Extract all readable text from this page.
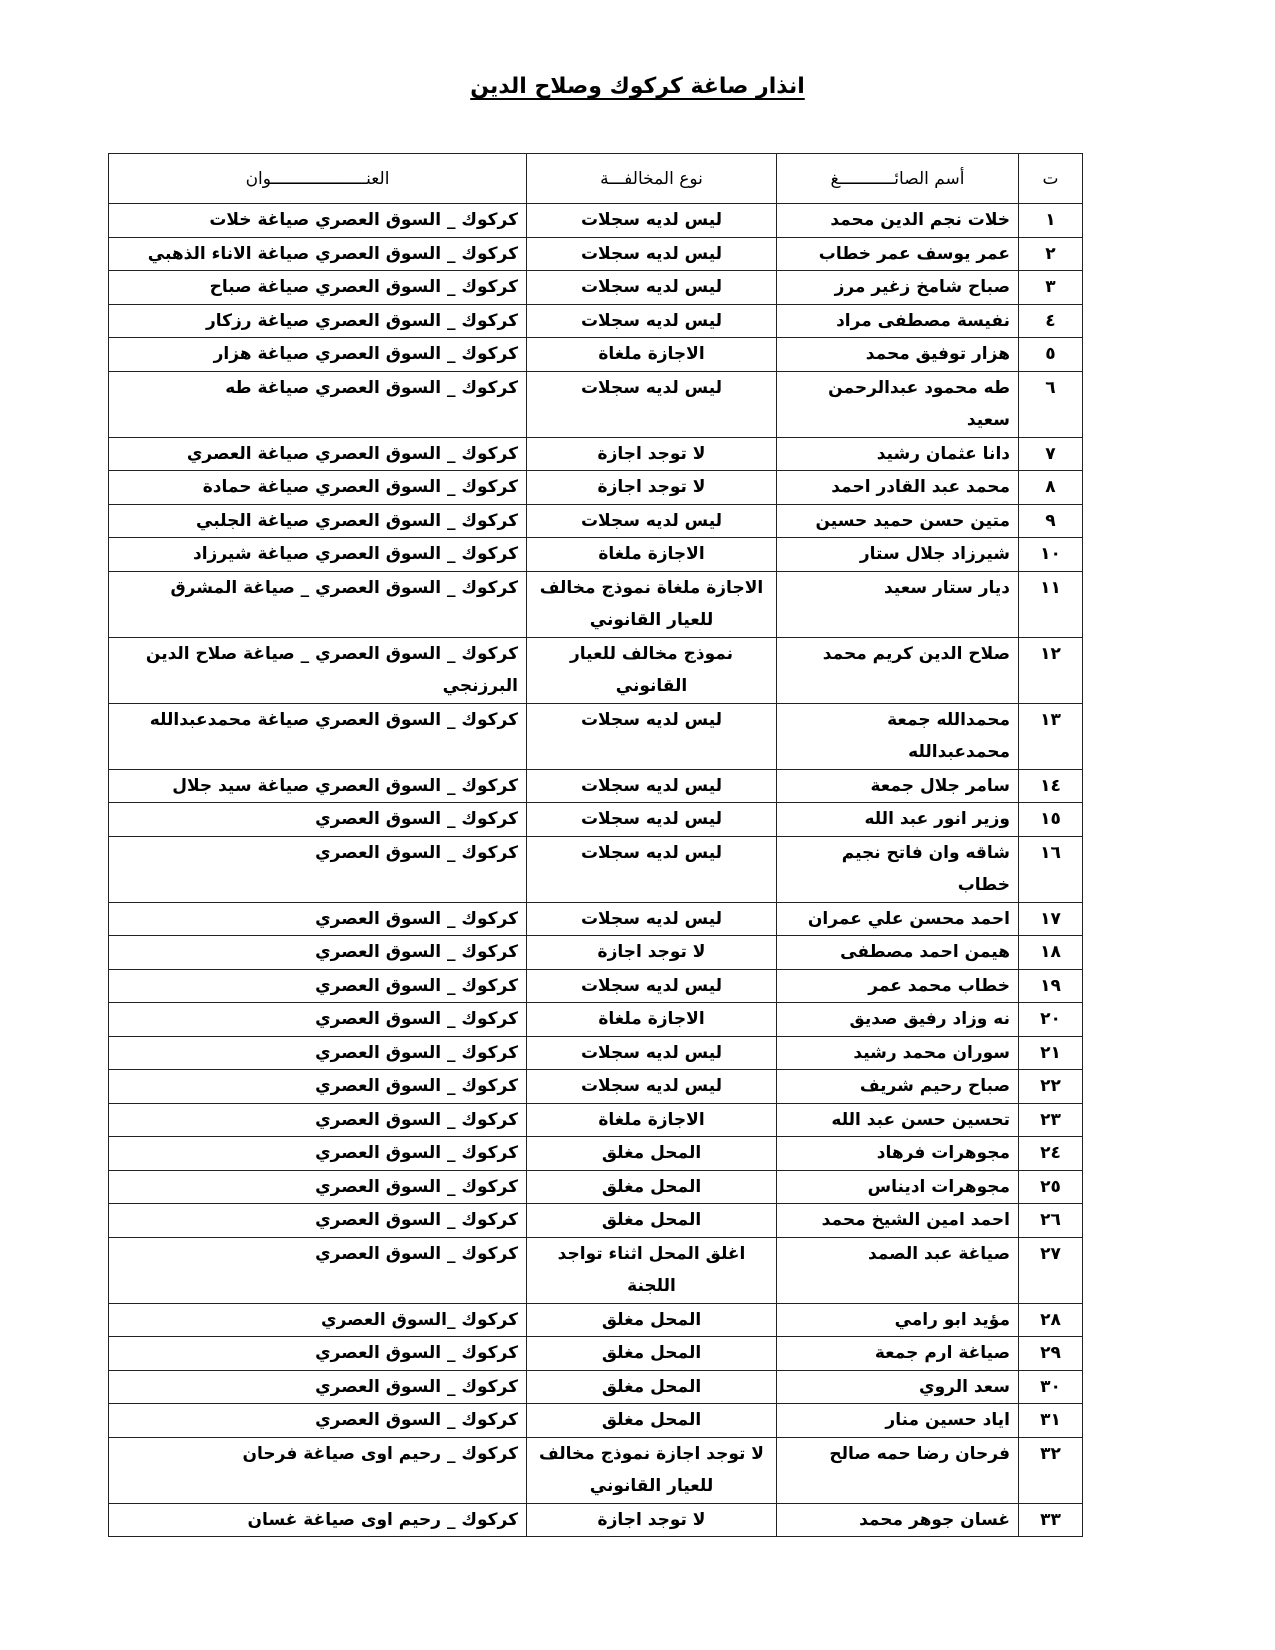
انذار صاغة كركوك وصلاح الدين
ت	أسم الصائـــــــــــغ	نوع المخالفـــة	العنـــــــــــــــــــوان
١	خلات نجم الدين محمد	ليس لديه سجلات	كركوك _ السوق العصري صياغة خلات
٢	عمر يوسف عمر خطاب	ليس لديه سجلات	كركوك _ السوق العصري صياغة الاناء الذهبي
٣	صباح شامخ زغير مرز	ليس لديه سجلات	كركوك _ السوق العصري صياغة صباح
٤	نفيسة مصطفى مراد	ليس لديه سجلات	كركوك _ السوق العصري صياغة رزكار
٥	هزار توفيق محمد	الاجازة ملغاة	كركوك _ السوق العصري صياغة هزار
٦	طه محمود عبدالرحمن سعيد	ليس لديه سجلات	كركوك _ السوق العصري صياغة طه
٧	دانا عثمان رشيد	لا توجد اجازة	كركوك _ السوق العصري صياغة العصري
٨	محمد عبد القادر احمد	لا توجد اجازة	كركوك _ السوق العصري صياغة حمادة
٩	متين حسن حميد حسين	ليس لديه سجلات	كركوك _ السوق العصري صياغة الجلبي
١٠	شيرزاد جلال ستار	الاجازة ملغاة	كركوك _ السوق العصري صياغة شيرزاد
١١	ديار ستار سعيد	الاجازة ملغاة نموذج مخالف للعيار القانوني	كركوك _ السوق العصري _ صياغة المشرق
١٢	صلاح الدين كريم محمد	نموذج مخالف للعيار القانوني	كركوك _ السوق العصري _ صياغة صلاح الدين البرزنجي
١٣	محمدالله جمعة محمدعبدالله	ليس لديه سجلات	كركوك _ السوق العصري صياغة محمدعبدالله
١٤	سامر جلال جمعة	ليس لديه سجلات	كركوك _ السوق العصري صياغة سيد جلال
١٥	وزير انور عبد الله	ليس لديه سجلات	كركوك _ السوق العصري
١٦	شاقه وان فاتح نجيم خطاب	ليس لديه سجلات	كركوك _ السوق العصري
١٧	احمد محسن علي عمران	ليس لديه سجلات	كركوك _ السوق العصري
١٨	هيمن احمد مصطفى	لا توجد اجازة	كركوك _ السوق العصري
١٩	خطاب محمد عمر	ليس لديه سجلات	كركوك _ السوق العصري
٢٠	نه وزاد رفيق صديق	الاجازة ملغاة	كركوك _ السوق العصري
٢١	سوران محمد رشيد	ليس لديه سجلات	كركوك _ السوق العصري
٢٢	صباح رحيم شريف	ليس لديه سجلات	كركوك _ السوق العصري
٢٣	تحسين حسن عبد الله	الاجازة ملغاة	كركوك _ السوق العصري
٢٤	مجوهرات فرهاد	المحل مغلق	كركوك _ السوق العصري
٢٥	مجوهرات ادیناس	المحل مغلق	كركوك _ السوق العصري
٢٦	احمد امين الشيخ محمد	المحل مغلق	كركوك _ السوق العصري
٢٧	صياغة عبد الصمد	اغلق المحل اثناء تواجد اللجنة	كركوك _ السوق العصري
٢٨	مؤيد ابو رامي	المحل مغلق	كركوك _السوق العصري
٢٩	صياغة ارم جمعة	المحل مغلق	كركوك _ السوق العصري
٣٠	سعد الروي	المحل مغلق	كركوك _ السوق العصري
٣١	اياد حسين منار	المحل مغلق	كركوك _ السوق العصري
٣٢	فرحان رضا حمه صالح	لا توجد اجازة نموذج مخالف للعيار القانوني	كركوك _ رحيم اوى صياغة فرحان
٣٣	غسان جوهر محمد	لا توجد اجازة	كركوك _ رحيم اوى صياغة غسان
